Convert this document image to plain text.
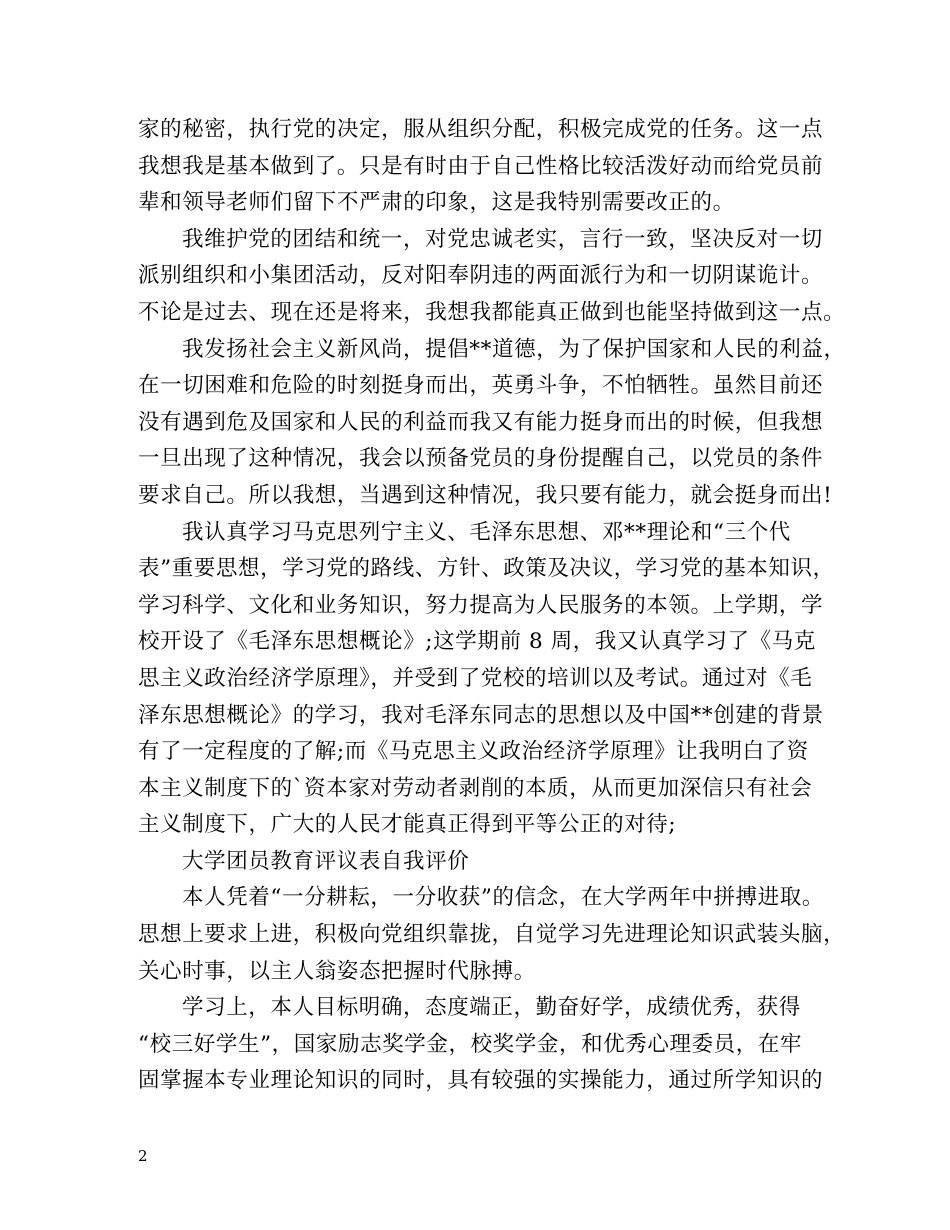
家的秘密，执行党的决定，服从组织分配，积极完成党的任务。这一点
我想我是基本做到了。只是有时由于自己性格比较活泼好动而给党员前
辈和领导老师们留下不严肃的印象，这是我特别需要改正的。
我维护党的团结和统一，对党忠诚老实，言行一致，坚决反对一切
派别组织和小集团活动，反对阳奉阴违的两面派行为和一切阴谋诡计。
不论是过去、现在还是将来，我想我都能真正做到也能坚持做到这一点。
我发扬社会主义新风尚，提倡**道德，为了保护国家和人民的利益，
在一切困难和危险的时刻挺身而出，英勇斗争，不怕牺牲。虽然目前还
没有遇到危及国家和人民的利益而我又有能力挺身而出的时候，但我想
一旦出现了这种情况，我会以预备党员的身份提醒自己，以党员的条件
要求自己。所以我想，当遇到这种情况，我只要有能力，就会挺身而出!
我认真学习马克思列宁主义、毛泽东思想、邓**理论和“三个代
表”重要思想，学习党的路线、方针、政策及决议，学习党的基本知识，
学习科学、文化和业务知识，努力提高为人民服务的本领。上学期，学
校开设了《毛泽东思想概论》;这学期前 8 周，我又认真学习了《马克
思主义政治经济学原理》，并受到了党校的培训以及考试。通过对《毛
泽东思想概论》的学习，我对毛泽东同志的思想以及中国**创建的背景
有了一定程度的了解;而《马克思主义政治经济学原理》让我明白了资
本主义制度下的`资本家对劳动者剥削的本质，从而更加深信只有社会
主义制度下，广大的人民才能真正得到平等公正的对待;
大学团员教育评议表自我评价
本人凭着“一分耕耘，一分收获”的信念，在大学两年中拼搏进取。
思想上要求上进，积极向党组织靠拢，自觉学习先进理论知识武装头脑，
关心时事，以主人翁姿态把握时代脉搏。
学习上，本人目标明确，态度端正，勤奋好学，成绩优秀，获得
“校三好学生”，国家励志奖学金，校奖学金，和优秀心理委员，在牢
固掌握本专业理论知识的同时，具有较强的实操能力，通过所学知识的
2
